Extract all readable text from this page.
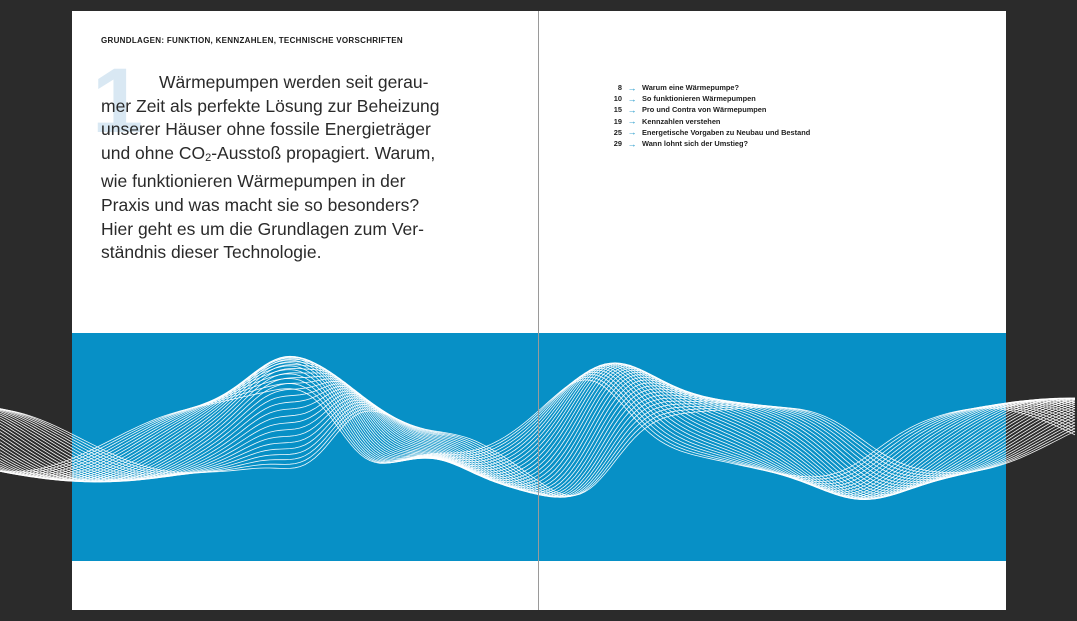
GRUNDLAGEN: FUNKTION, KENNZAHLEN, TECHNISCHE VORSCHRIFTEN
1 Wärmepumpen werden seit gerau-
mer Zeit als perfekte Lösung zur Beheizung
unserer Häuser ohne fossile Energieträger
und ohne $CO_2$-Ausstoß propagiert. Warum,
wie funktionieren Wärmepumpen in der
Praxis und was macht sie so besonders?
Hier geht es um die Grundlagen zum Ver-
ständnis dieser Technologie.

8 → Warum eine Wärmepumpe?
10 → So funktionieren Wärmepumpen
15 → Pro und Contra von Wärmepumpen
19 → Kennzahlen verstehen
25 → Energetische Vorgaben zu Neubau und Bestand
29 → Wann lohnt sich der Umstieg?
